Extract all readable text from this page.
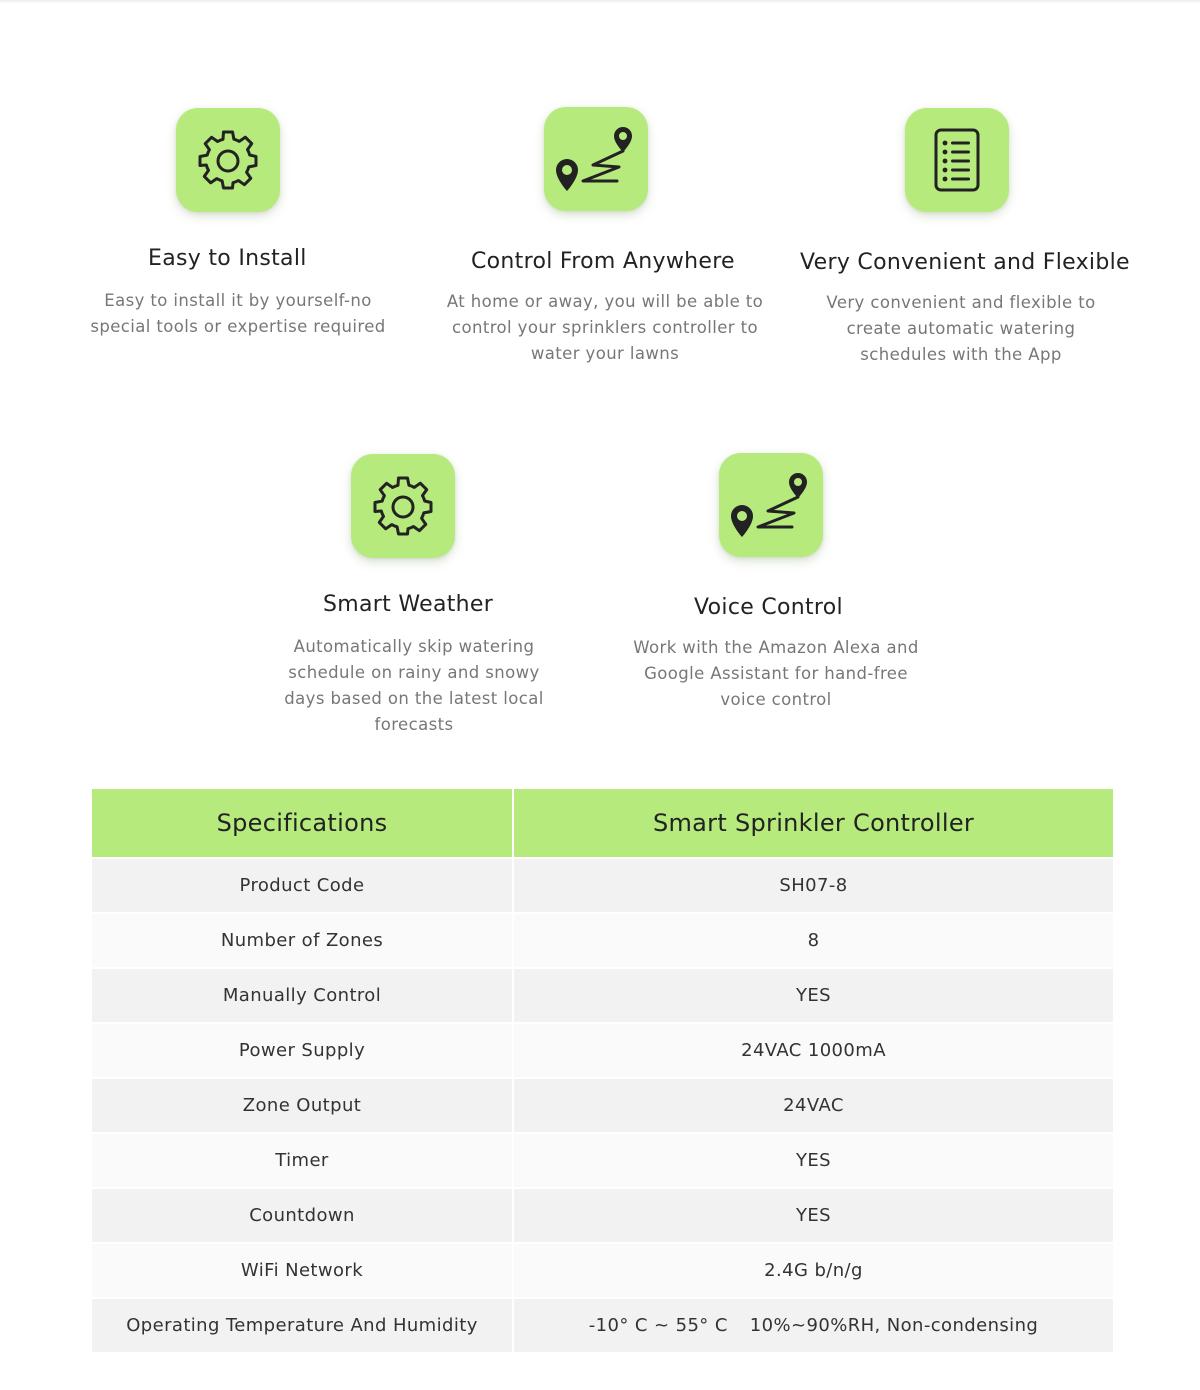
Easy to Install
Easy to install it by yourself-no special tools or expertise required
Control From Anywhere
At home or away, you will be able to control your sprinklers controller to water your lawns
Very Convenient and Flexible
Very convenient and flexible to create automatic watering schedules with the App
Smart Weather
Automatically skip watering schedule on rainy and snowy days based on the latest local forecasts
Voice Control
Work with the Amazon Alexa and Google Assistant for hand-free voice control
Specifications	Smart Sprinkler Controller
Product Code	SH07-8
Number of Zones	8
Manually Control	YES
Power Supply	24VAC 1000mA
Zone Output	24VAC
Timer	YES
Countdown	YES
WiFi Network	2.4G b/n/g
Operating Temperature And Humidity	-10° C ~ 55° C 10%~90%RH, Non-condensing
